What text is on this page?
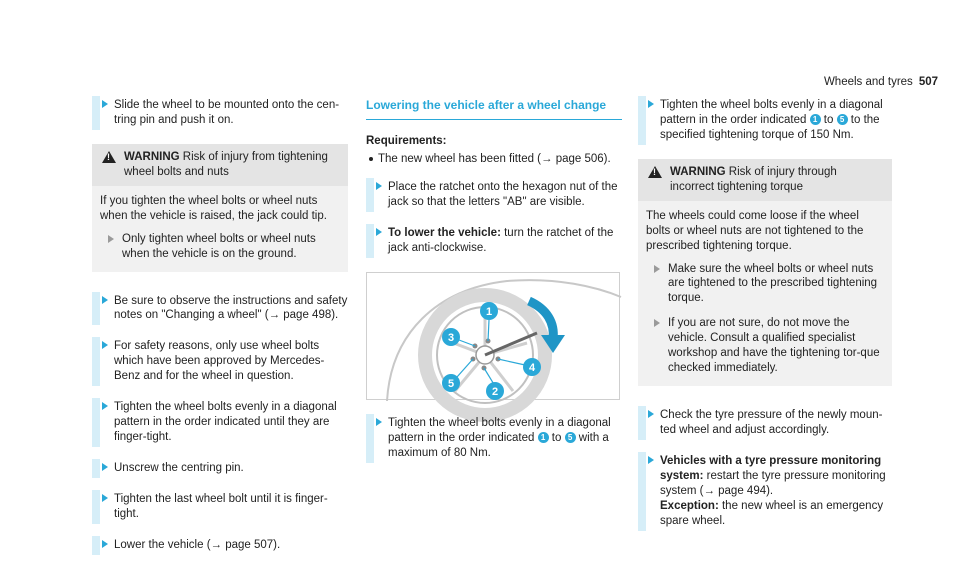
Wheels and tyres 507
Slide the wheel to be mounted onto the cen-tring pin and push it on.
!
WARNING Risk of injury from tightening wheel bolts and nuts

If you tighten the wheel bolts or wheel nuts when the vehicle is raised, the jack could tip.

Only tighten wheel bolts or wheel nuts when the vehicle is on the ground.
Be sure to observe the instructions and safety notes on "Changing a wheel" (→ page 498).
For safety reasons, only use wheel bolts which have been approved by Mercedes-Benz and for the wheel in question.
Tighten the wheel bolts evenly in a diagonal pattern in the order indicated until they are finger-tight.
Unscrew the centring pin.
Tighten the last wheel bolt until it is finger-tight.
Lower the vehicle (→ page 507).
Lowering the vehicle after a wheel change
Requirements:
The new wheel has been fitted (→ page 506).
Place the ratchet onto the hexagon nut of the jack so that the letters "AB" are visible.
To lower the vehicle: turn the ratchet of the jack anti-clockwise.
1
2
3
4
5
Tighten the wheel bolts evenly in a diagonal pattern in the order indicated 1 to 5 with a maximum of 80 Nm.
Tighten the wheel bolts evenly in a diagonal pattern in the order indicated 1 to 5 to the specified tightening torque of 150 Nm.
!
WARNING Risk of injury through incorrect tightening torque

The wheels could come loose if the wheel bolts or wheel nuts are not tightened to the prescribed tightening torque.

Make sure the wheel bolts or wheel nuts are tightened to the prescribed tightening torque.
If you are not sure, do not move the vehicle. Consult a qualified specialist workshop and have the tightening tor-que checked immediately.
Check the tyre pressure of the newly moun-ted wheel and adjust accordingly.
Vehicles with a tyre pressure monitoring system: restart the tyre pressure monitoring system (→ page 494).
Exception: the new wheel is an emergency spare wheel.
